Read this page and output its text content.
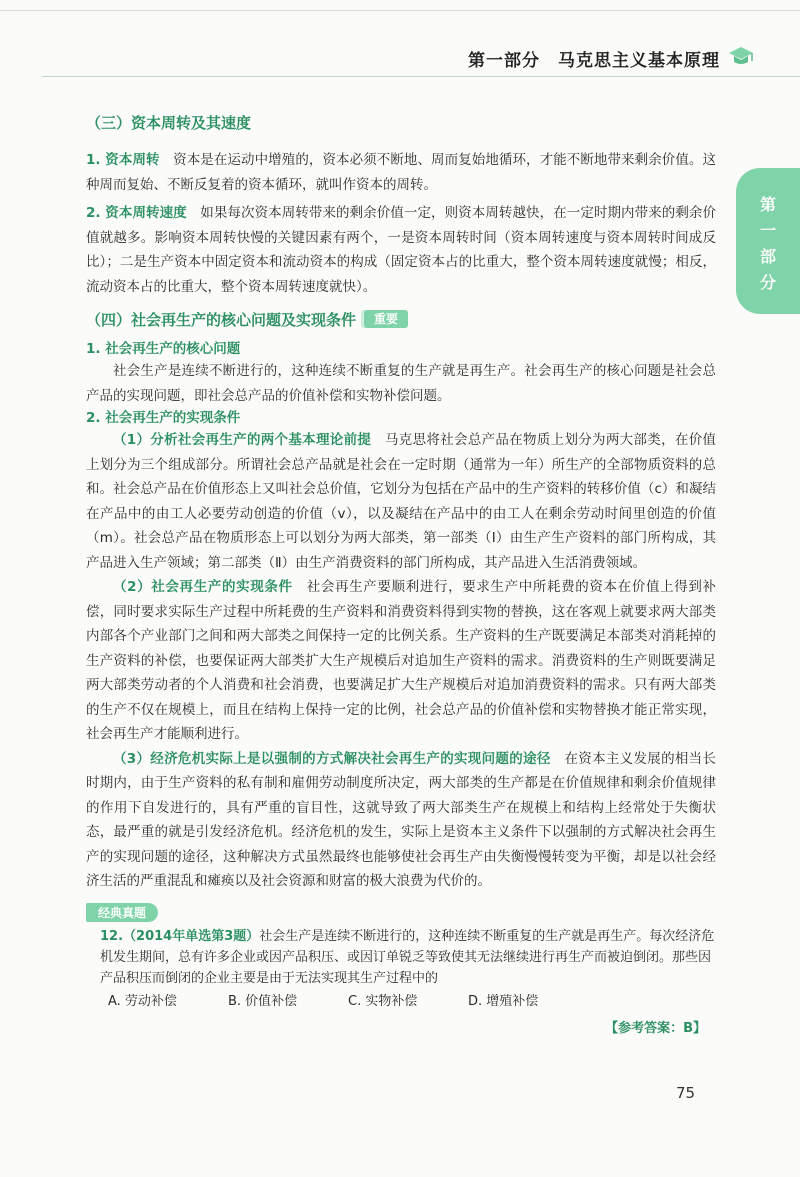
第一部分　马克思主义基本原理
第一部分

（三）资本周转及其速度

1. 资本周转　资本是在运动中增殖的，资本必须不断地、周而复始地循环，才能不断地带来剩余价值。这种周而复始、不断反复着的资本循环，就叫作资本的周转。

2. 资本周转速度　如果每次资本周转带来的剩余价值一定，则资本周转越快，在一定时期内带来的剩余价值就越多。影响资本周转快慢的关键因素有两个，一是资本周转时间（资本周转速度与资本周转时间成反比）；二是生产资本中固定资本和流动资本的构成（固定资本占的比重大，整个资本周转速度就慢；相反，流动资本占的比重大，整个资本周转速度就快）。

（四）社会再生产的核心问题及实现条件 重要

1. 社会再生产的核心问题

社会生产是连续不断进行的，这种连续不断重复的生产就是再生产。社会再生产的核心问题是社会总产品的实现问题，即社会总产品的价值补偿和实物补偿问题。

2. 社会再生产的实现条件

（1）分析社会再生产的两个基本理论前提　马克思将社会总产品在物质上划分为两大部类，在价值上划分为三个组成部分。所谓社会总产品就是社会在一定时期（通常为一年）所生产的全部物质资料的总和。社会总产品在价值形态上又叫社会总价值，它划分为包括在产品中的生产资料的转移价值（c）和凝结在产品中的由工人必要劳动创造的价值（v），以及凝结在产品中的由工人在剩余劳动时间里创造的价值（m）。社会总产品在物质形态上可以划分为两大部类，第一部类（Ⅰ）由生产生产资料的部门所构成，其产品进入生产领域；第二部类（Ⅱ）由生产消费资料的部门所构成，其产品进入生活消费领域。

（2）社会再生产的实现条件　社会再生产要顺利进行，要求生产中所耗费的资本在价值上得到补偿，同时要求实际生产过程中所耗费的生产资料和消费资料得到实物的替换，这在客观上就要求两大部类内部各个产业部门之间和两大部类之间保持一定的比例关系。生产资料的生产既要满足本部类对消耗掉的生产资料的补偿，也要保证两大部类扩大生产规模后对追加生产资料的需求。消费资料的生产则既要满足两大部类劳动者的个人消费和社会消费，也要满足扩大生产规模后对追加消费资料的需求。只有两大部类的生产不仅在规模上，而且在结构上保持一定的比例，社会总产品的价值补偿和实物替换才能正常实现，社会再生产才能顺利进行。

（3）经济危机实际上是以强制的方式解决社会再生产的实现问题的途径　在资本主义发展的相当长时期内，由于生产资料的私有制和雇佣劳动制度所决定，两大部类的生产都是在价值规律和剩余价值规律的作用下自发进行的，具有严重的盲目性，这就导致了两大部类生产在规模上和结构上经常处于失衡状态，最严重的就是引发经济危机。经济危机的发生，实际上是资本主义条件下以强制的方式解决社会再生产的实现问题的途径，这种解决方式虽然最终也能够使社会再生产由失衡慢慢转变为平衡，却是以社会经济生活的严重混乱和瘫痪以及社会资源和财富的极大浪费为代价的。

经典真题

12.（2014年单选第3题）社会生产是连续不断进行的，这种连续不断重复的生产就是再生产。每次经济危机发生期间，总有许多企业或因产品积压、或因订单锐乏等致使其无法继续进行再生产而被迫倒闭。那些因产品积压而倒闭的企业主要是由于无法实现其生产过程中的

A. 劳动补偿	B. 价值补偿	C. 实物补偿	D. 增殖补偿
【参考答案：B】
75
